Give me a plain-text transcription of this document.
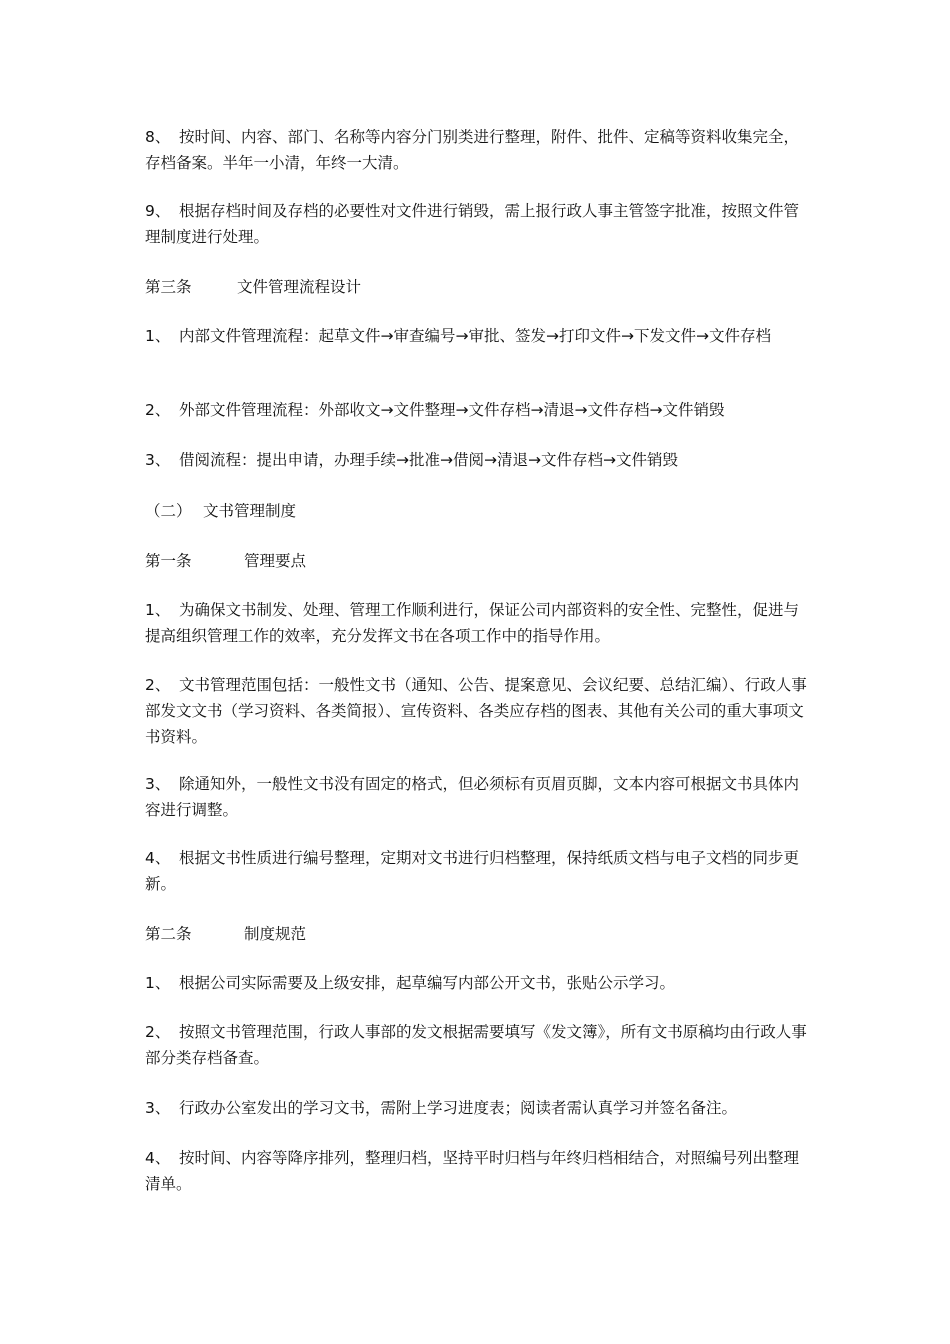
8、 按时间、内容、部门、名称等内容分门别类进行整理，附件、批件、定稿等资料收集完全，存档备案。半年一小清，年终一大清。

9、 根据存档时间及存档的必要性对文件进行销毁，需上报行政人事主管签字批准，按照文件管理制度进行处理。

第三条	文件管理流程设计

1、 内部文件管理流程：起草文件→审查编号→审批、签发→打印文件→下发文件→文件存档

2、 外部文件管理流程：外部收文→文件整理→文件存档→清退→文件存档→文件销毁

3、 借阅流程：提出申请，办理手续→批准→借阅→清退→文件存档→文件销毁

（二） 文书管理制度

第一条	管理要点

1、 为确保文书制发、处理、管理工作顺利进行，保证公司内部资料的安全性、完整性，促进与提高组织管理工作的效率，充分发挥文书在各项工作中的指导作用。

2、 文书管理范围包括：一般性文书（通知、公告、提案意见、会议纪要、总结汇编）、行政人事部发文文书（学习资料、各类简报）、宣传资料、各类应存档的图表、其他有关公司的重大事项文书资料。

3、 除通知外，一般性文书没有固定的格式，但必须标有页眉页脚，文本内容可根据文书具体内容进行调整。

4、 根据文书性质进行编号整理，定期对文书进行归档整理，保持纸质文档与电子文档的同步更新。

第二条	制度规范

1、 根据公司实际需要及上级安排，起草编写内部公开文书，张贴公示学习。

2、 按照文书管理范围，行政人事部的发文根据需要填写《发文簿》，所有文书原稿均由行政人事部分类存档备查。

3、 行政办公室发出的学习文书，需附上学习进度表；阅读者需认真学习并签名备注。

4、 按时间、内容等降序排列，整理归档，坚持平时归档与年终归档相结合，对照编号列出整理清单。
